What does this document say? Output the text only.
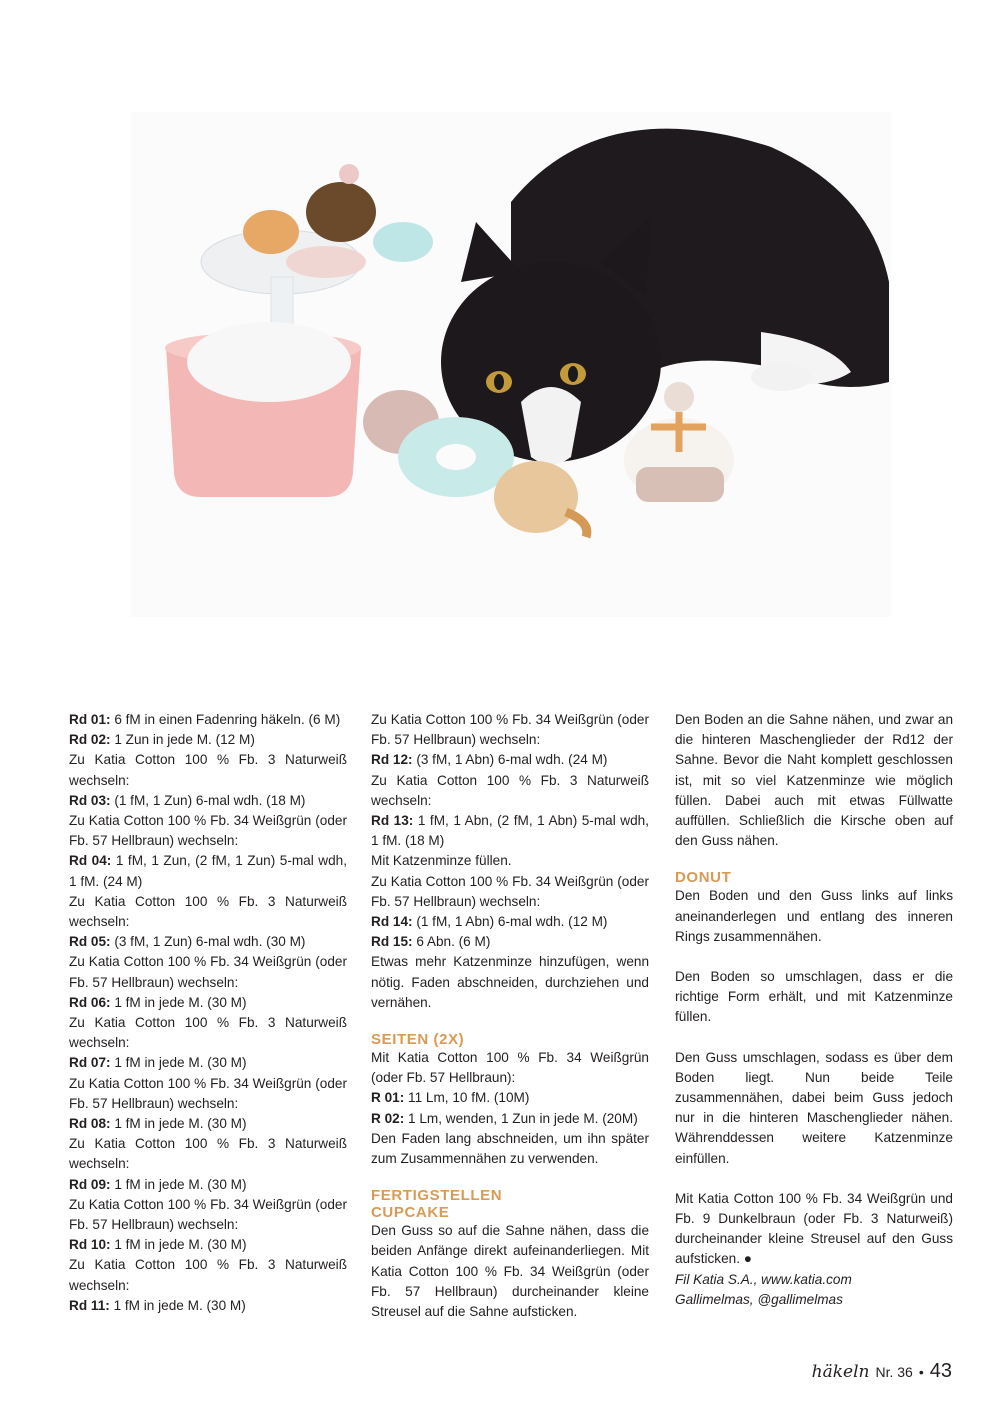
Rd 01: 6 fM in einen Fadenring häkeln. (6 M)

Rd 02: 1 Zun in jede M. (12 M)

Zu Katia Cotton 100 % Fb. 3 Naturweiß wechseln:

Rd 03: (1 fM, 1 Zun) 6-mal wdh. (18 M)

Zu Katia Cotton 100 % Fb. 34 Weißgrün (oder Fb. 57 Hellbraun) wechseln:

Rd 04: 1 fM, 1 Zun, (2 fM, 1 Zun) 5-mal wdh, 1 fM. (24 M)

Zu Katia Cotton 100 % Fb. 3 Naturweiß wechseln:

Rd 05: (3 fM, 1 Zun) 6-mal wdh. (30 M)

Zu Katia Cotton 100 % Fb. 34 Weißgrün (oder Fb. 57 Hellbraun) wechseln:

Rd 06: 1 fM in jede M. (30 M)

Zu Katia Cotton 100 % Fb. 3 Naturweiß wechseln:

Rd 07: 1 fM in jede M. (30 M)

Zu Katia Cotton 100 % Fb. 34 Weißgrün (oder Fb. 57 Hellbraun) wechseln:

Rd 08: 1 fM in jede M. (30 M)

Zu Katia Cotton 100 % Fb. 3 Naturweiß wechseln:

Rd 09: 1 fM in jede M. (30 M)

Zu Katia Cotton 100 % Fb. 34 Weißgrün (oder Fb. 57 Hellbraun) wechseln:

Rd 10: 1 fM in jede M. (30 M)

Zu Katia Cotton 100 % Fb. 3 Naturweiß wechseln:

Rd 11: 1 fM in jede M. (30 M)

Zu Katia Cotton 100 % Fb. 34 Weißgrün (oder Fb. 57 Hellbraun) wechseln:

Rd 12: (3 fM, 1 Abn) 6-mal wdh. (24 M)

Zu Katia Cotton 100 % Fb. 3 Naturweiß wechseln:

Rd 13: 1 fM, 1 Abn, (2 fM, 1 Abn) 5-mal wdh, 1 fM. (18 M)

Mit Katzenminze füllen.

Zu Katia Cotton 100 % Fb. 34 Weißgrün (oder Fb. 57 Hellbraun) wechseln:

Rd 14: (1 fM, 1 Abn) 6-mal wdh. (12 M)

Rd 15: 6 Abn. (6 M)

Etwas mehr Katzenminze hinzufügen, wenn nötig. Faden abschneiden, durchziehen und vernähen.

SEITEN (2X)

Mit Katia Cotton 100 % Fb. 34 Weißgrün (oder Fb. 57 Hellbraun):

R 01: 11 Lm, 10 fM. (10M)

R 02: 1 Lm, wenden, 1 Zun in jede M. (20M)

Den Faden lang abschneiden, um ihn später zum Zusammennähen zu verwenden.

FERTIGSTELLEN
CUPCAKE

Den Guss so auf die Sahne nähen, dass die beiden Anfänge direkt aufeinanderliegen. Mit Katia Cotton 100 % Fb. 34 Weißgrün (oder Fb. 57 Hellbraun) durcheinander kleine Streusel auf die Sahne aufsticken.

Den Boden an die Sahne nähen, und zwar an die hinteren Maschenglieder der Rd12 der Sahne. Bevor die Naht komplett geschlossen ist, mit so viel Katzenminze wie möglich füllen. Dabei auch mit etwas Füllwatte auffüllen. Schließlich die Kirsche oben auf den Guss nähen.

DONUT

Den Boden und den Guss links auf links aneinanderlegen und entlang des inneren Rings zusammennähen.

Den Boden so umschlagen, dass er die richtige Form erhält, und mit Katzenminze füllen.

Den Guss umschlagen, sodass es über dem Boden liegt. Nun beide Teile zusammennähen, dabei beim Guss jedoch nur in die hinteren Maschenglieder nähen. Währenddessen weitere Katzenminze einfüllen.

Mit Katia Cotton 100 % Fb. 34 Weißgrün und Fb. 9 Dunkelbraun (oder Fb. 3 Naturweiß) durcheinander kleine Streusel auf den Guss aufsticken. ●

Fil Katia S.A., www.katia.com

Gallimelmas, @gallimelmas

häkeln Nr. 36 • 43
